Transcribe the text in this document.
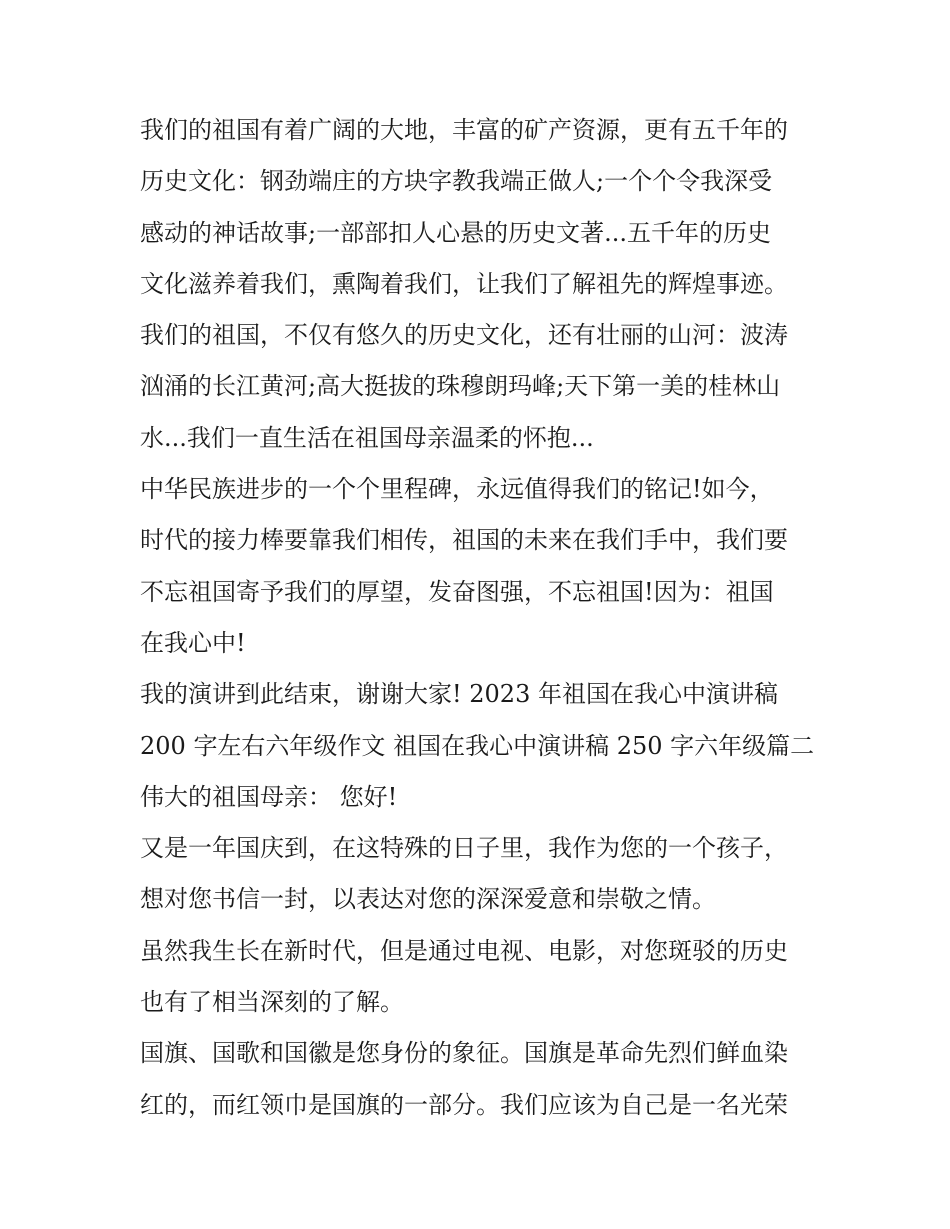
我们的祖国有着广阔的大地，丰富的矿产资源，更有五千年的
历史文化：钢劲端庄的方块字教我端正做人;一个个令我深受
感动的神话故事;一部部扣人心悬的历史文著...五千年的历史
文化滋养着我们，熏陶着我们，让我们了解祖先的辉煌事迹。
我们的祖国，不仅有悠久的历史文化，还有壮丽的山河：波涛
汹涌的长江黄河;高大挺拔的珠穆朗玛峰;天下第一美的桂林山
水...我们一直生活在祖国母亲温柔的怀抱...
中华民族进步的一个个里程碑，永远值得我们的铭记!如今，
时代的接力棒要靠我们相传，祖国的未来在我们手中，我们要
不忘祖国寄予我们的厚望，发奋图强，不忘祖国!因为：祖国
在我心中!
我的演讲到此结束，谢谢大家! 2023 年祖国在我心中演讲稿
200 字左右六年级作文 祖国在我心中演讲稿 250 字六年级篇二
伟大的祖国母亲： 您好!
又是一年国庆到，在这特殊的日子里，我作为您的一个孩子，
想对您书信一封，以表达对您的深深爱意和崇敬之情。
虽然我生长在新时代，但是通过电视、电影，对您斑驳的历史
也有了相当深刻的了解。
国旗、国歌和国徽是您身份的象征。国旗是革命先烈们鲜血染
红的，而红领巾是国旗的一部分。我们应该为自己是一名光荣
